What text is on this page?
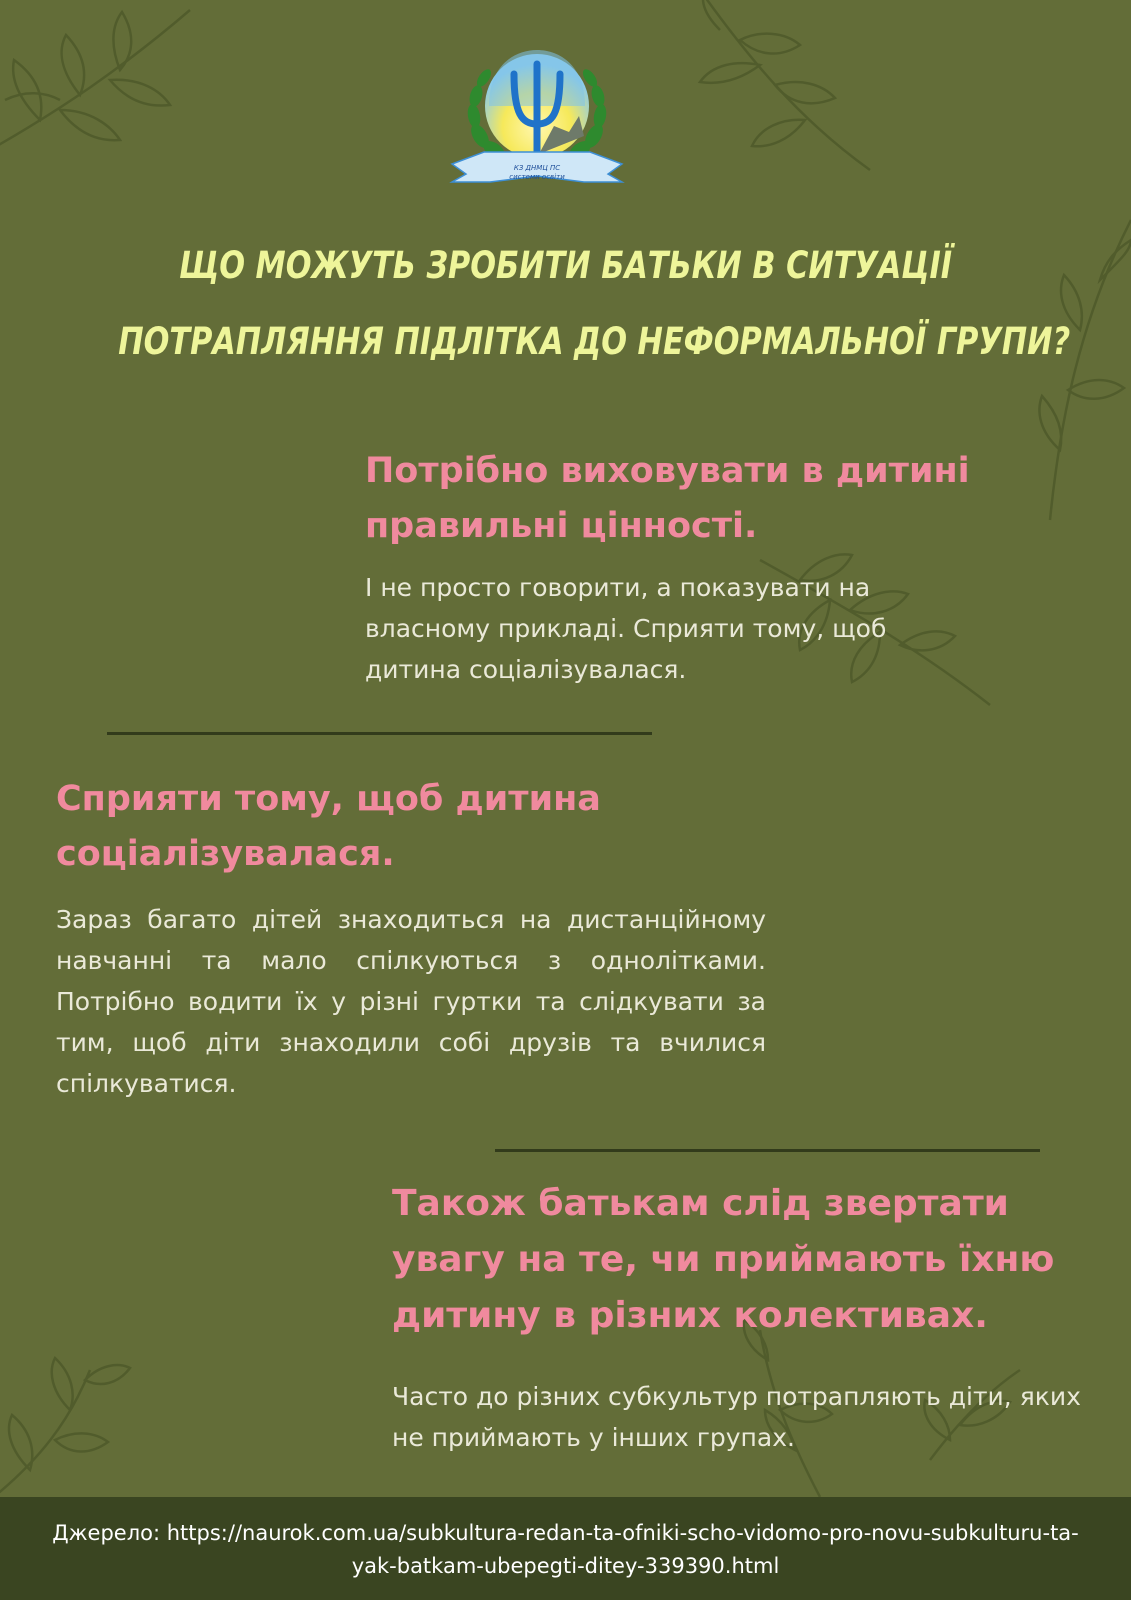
КЗ ДНМЦ ПС
системи освіти
ЩО МОЖУТЬ ЗРОБИТИ БАТЬКИ В СИТУАЦІЇ
ПОТРАПЛЯННЯ ПІДЛІТКА ДО НЕФОРМАЛЬНОЇ ГРУПИ?
Потрібно виховувати в дитині правильні цінності.
І не просто говорити, а показувати на власному прикладі. Сприяти тому, щоб дитина соціалізувалася.
Сприяти тому, щоб дитина соціалізувалася.
Зараз багато дітей знаходиться на дистанційному навчанні та мало спілкуються з однолітками. Потрібно водити їх у різні гуртки та слідкувати за тим, щоб діти знаходили собі друзів та вчилися спілкуватися.
Також батькам слід звертати увагу на те, чи приймають їхню дитину в різних колективах.
Часто до різних субкультур потрапляють діти, яких не приймають у інших групах.
Джерело: https://naurok.com.ua/subkultura-redan-ta-ofniki-scho-vidomo-pro-novu-subkulturu-ta-yak-batkam-ubepegti-ditey-339390.html
